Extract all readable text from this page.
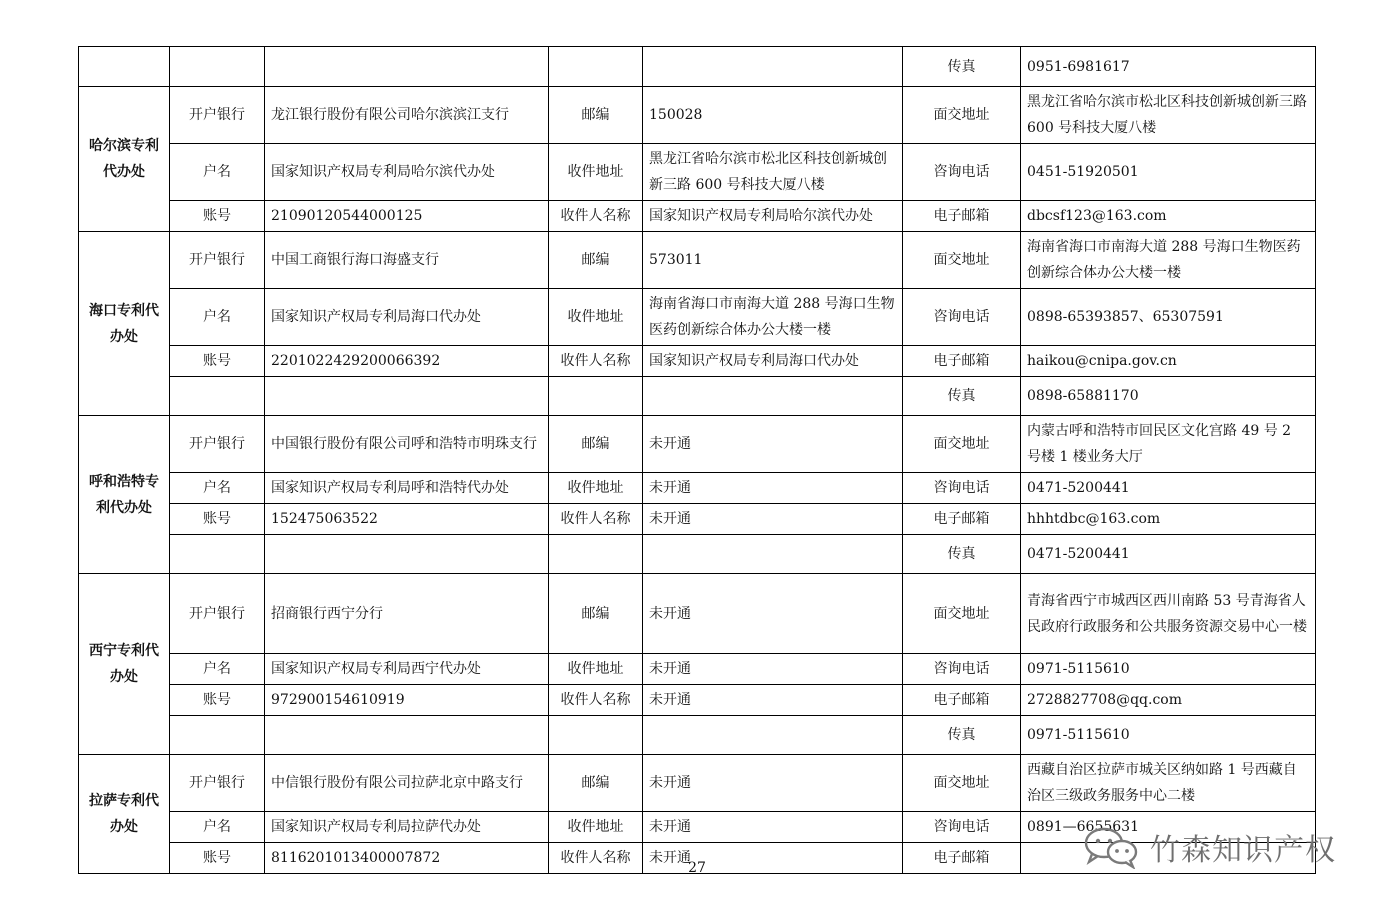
					传真	0951-6981617
哈尔滨专利代办处	开户银行	龙江银行股份有限公司哈尔滨滨江支行	邮编	150028	面交地址	黑龙江省哈尔滨市松北区科技创新城创新三路 600 号科技大厦八楼
	户名	国家知识产权局专利局哈尔滨代办处	收件地址	黑龙江省哈尔滨市松北区科技创新城创新三路 600 号科技大厦八楼	咨询电话	0451-51920501
	账号	21090120544000125	收件人名称	国家知识产权局专利局哈尔滨代办处	电子邮箱	dbcsf123@163.com
海口专利代办处	开户银行	中国工商银行海口海盛支行	邮编	573011	面交地址	海南省海口市南海大道 288 号海口生物医药创新综合体办公大楼一楼
	户名	国家知识产权局专利局海口代办处	收件地址	海南省海口市南海大道 288 号海口生物医药创新综合体办公大楼一楼	咨询电话	0898-65393857、65307591
	账号	2201022429200066392	收件人名称	国家知识产权局专利局海口代办处	电子邮箱	haikou@cnipa.gov.cn
					传真	0898-65881170
呼和浩特专利代办处	开户银行	中国银行股份有限公司呼和浩特市明珠支行	邮编	未开通	面交地址	内蒙古呼和浩特市回民区文化宫路 49 号 2 号楼 1 楼业务大厅
	户名	国家知识产权局专利局呼和浩特代办处	收件地址	未开通	咨询电话	0471-5200441
	账号	152475063522	收件人名称	未开通	电子邮箱	hhhtdbc@163.com
					传真	0471-5200441
西宁专利代办处	开户银行	招商银行西宁分行	邮编	未开通	面交地址	青海省西宁市城西区西川南路 53 号青海省人民政府行政服务和公共服务资源交易中心一楼
	户名	国家知识产权局专利局西宁代办处	收件地址	未开通	咨询电话	0971-5115610
	账号	972900154610919	收件人名称	未开通	电子邮箱	2728827708@qq.com
					传真	0971-5115610
拉萨专利代办处	开户银行	中信银行股份有限公司拉萨北京中路支行	邮编	未开通	面交地址	西藏自治区拉萨市城关区纳如路 1 号西藏自治区三级政务服务中心二楼
	户名	国家知识产权局专利局拉萨代办处	收件地址	未开通	咨询电话	0891—6655631
	账号	8116201013400007872	收件人名称	未开通	电子邮箱	
27	竹森知识产权
